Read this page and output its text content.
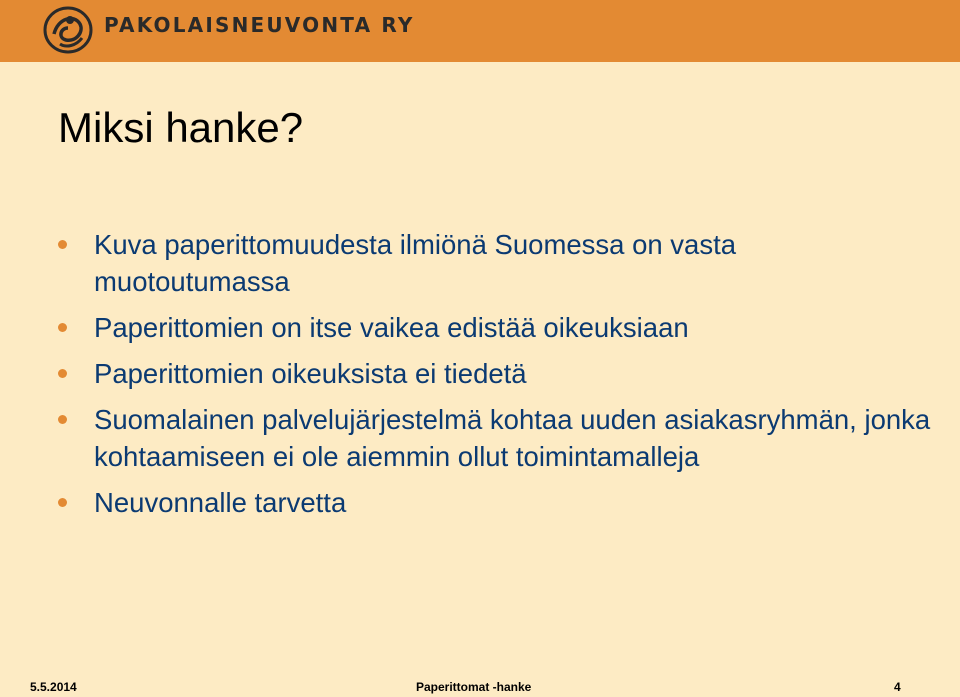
PAKOLAISNEUVONTA RY
Miksi hanke?
Kuva paperittomuudesta ilmiönä Suomessa on vasta muotoutumassa
Paperittomien on itse vaikea edistää oikeuksiaan
Paperittomien oikeuksista ei tiedetä
Suomalainen palvelujärjestelmä kohtaa uuden asiakasryhmän, jonka kohtaamiseen ei ole aiemmin ollut toimintamalleja
Neuvonnalle tarvetta
5.5.2014	Paperittomat -hanke	4
